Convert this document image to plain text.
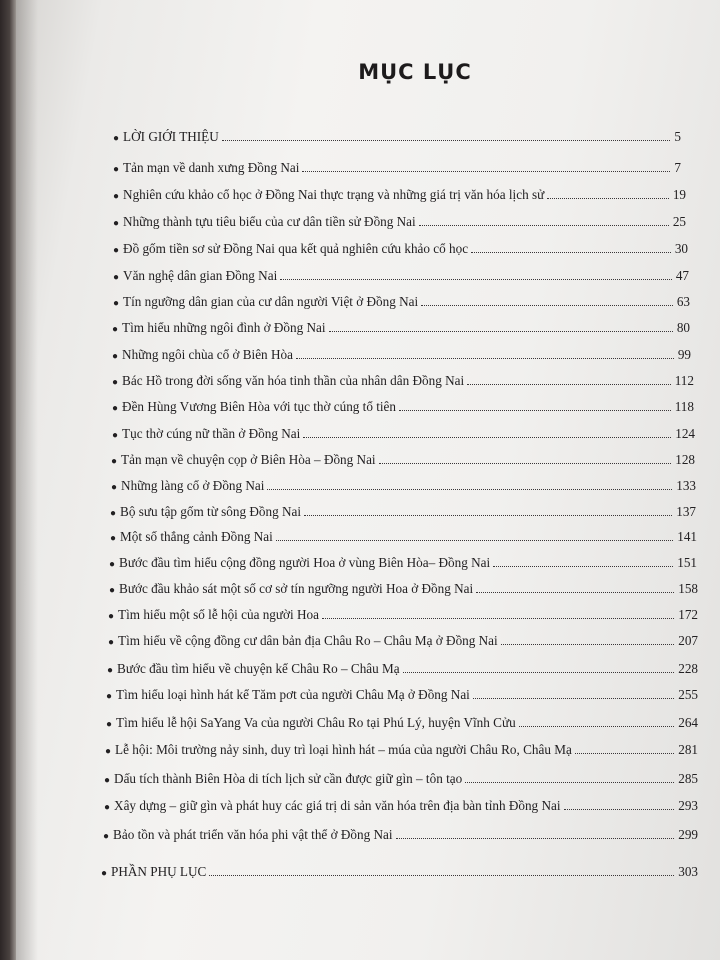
MỤC LỤC
● LỜI GIỚI THIỆU	5
● Tản mạn về danh xưng Đồng Nai	7
● Nghiên cứu khảo cổ học ở Đồng Nai thực trạng và những giá trị văn hóa lịch sử	19
● Những thành tựu tiêu biểu của cư dân tiền sử Đồng Nai	25
● Đồ gốm tiền sơ sử Đồng Nai qua kết quả nghiên cứu khảo cổ học	30
● Văn nghệ dân gian Đồng Nai	47
● Tín ngưỡng dân gian của cư dân người Việt ở Đồng Nai	63
● Tìm hiểu những ngôi đình ở Đồng Nai	80
● Những ngôi chùa cổ ở Biên Hòa	99
● Bác Hồ trong đời sống văn hóa tinh thần của nhân dân Đồng Nai	112
● Đền Hùng Vương Biên Hòa với tục thờ cúng tổ tiên	118
● Tục thờ cúng nữ thần ở Đồng Nai	124
● Tản mạn về chuyện cọp ở Biên Hòa – Đồng Nai	128
● Những làng cổ ở Đồng Nai	133
● Bộ sưu tập gốm từ sông Đồng Nai	137
● Một số thắng cảnh Đồng Nai	141
● Bước đầu tìm hiểu cộng đồng người Hoa ở vùng Biên Hòa– Đồng Nai	151
● Bước đầu khảo sát một số cơ sở tín ngưỡng người Hoa ở Đồng Nai	158
● Tìm hiểu một số lễ hội của người Hoa	172
● Tìm hiểu về cộng đồng cư dân bản địa Châu Ro – Châu Mạ ở Đồng Nai	207
● Bước đầu tìm hiểu về chuyện kể Châu Ro – Châu Mạ	228
● Tìm hiểu loại hình hát kể Tăm pơt của người Châu Mạ ở Đồng Nai	255
● Tìm hiểu lễ hội SaYang Va của người Châu Ro tại Phú Lý, huyện Vĩnh Cửu	264
● Lễ hội: Môi trường nảy sinh, duy trì loại hình hát – múa của người Châu Ro, Châu Mạ	281
● Dấu tích thành Biên Hòa di tích lịch sử cần được giữ gìn – tôn tạo	285
● Xây dựng – giữ gìn và phát huy các giá trị di sản văn hóa trên địa bàn tỉnh Đồng Nai	293
● Bảo tồn và phát triển văn hóa phi vật thể ở Đồng Nai	299
● PHẦN PHỤ LỤC	303
